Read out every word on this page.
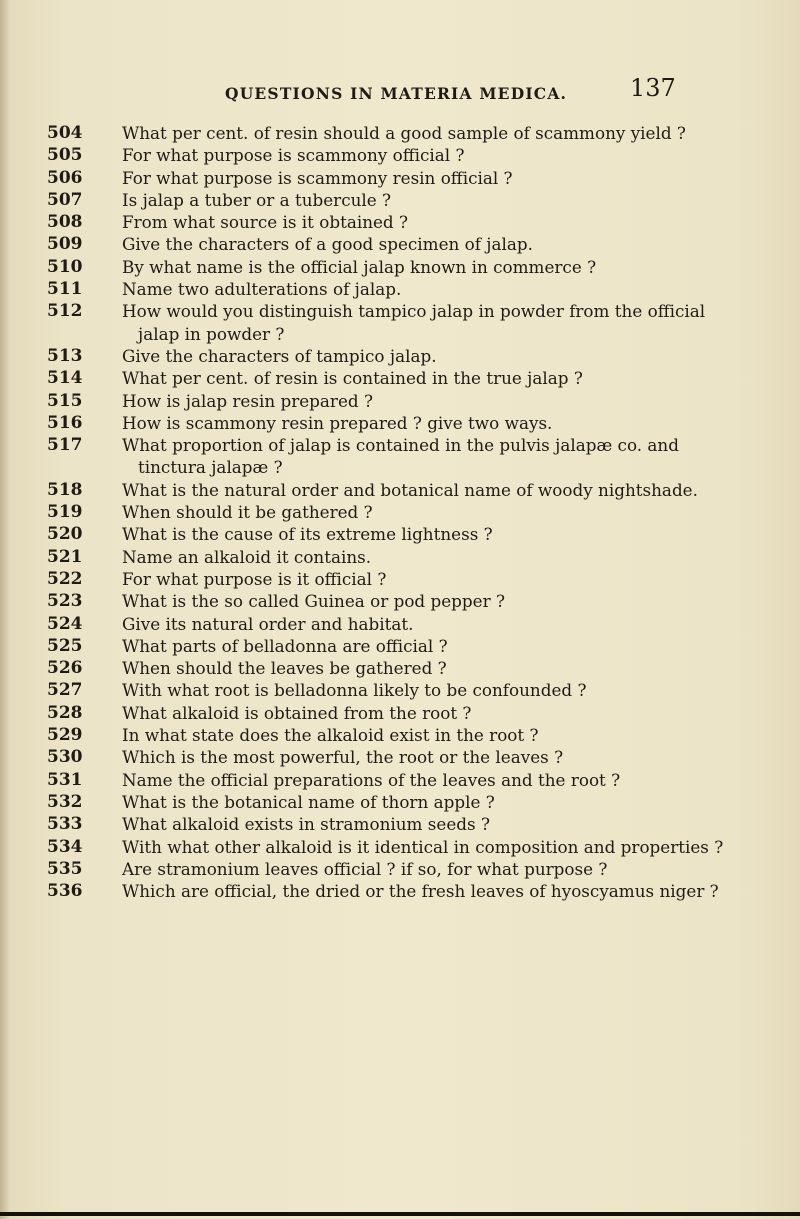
QUESTIONS IN MATERIA MEDICA.	137
504	What per cent. of resin should a good sample of scammony yield ?
505	For what purpose is scammony official ?
506	For what purpose is scammony resin official ?
507	Is jalap a tuber or a tubercule ?
508	From what source is it obtained ?
509	Give the characters of a good specimen of jalap.
510	By what name is the official jalap known in commerce ?
511	Name two adulterations of jalap.
512	How would you distinguish tampico jalap in powder from the official jalap in powder ?
513	Give the characters of tampico jalap.
514	What per cent. of resin is contained in the true jalap ?
515	How is jalap resin prepared ?
516	How is scammony resin prepared ? give two ways.
517	What proportion of jalap is contained in the pulvis jalapæ co. and tinctura jalapæ ?
518	What is the natural order and botanical name of woody nightshade.
519	When should it be gathered ?
520	What is the cause of its extreme lightness ?
521	Name an alkaloid it contains.
522	For what purpose is it official ?
523	What is the so called Guinea or pod pepper ?
524	Give its natural order and habitat.
525	What parts of belladonna are official ?
526	When should the leaves be gathered ?
527	With what root is belladonna likely to be confounded ?
528	What alkaloid is obtained from the root ?
529	In what state does the alkaloid exist in the root ?
530	Which is the most powerful, the root or the leaves ?
531	Name the official preparations of the leaves and the root ?
532	What is the botanical name of thorn apple ?
533	What alkaloid exists in stramonium seeds ?
534	With what other alkaloid is it identical in composition and properties ?
535	Are stramonium leaves official ? if so, for what purpose ?
536	Which are official, the dried or the fresh leaves of hyoscyamus niger ?
